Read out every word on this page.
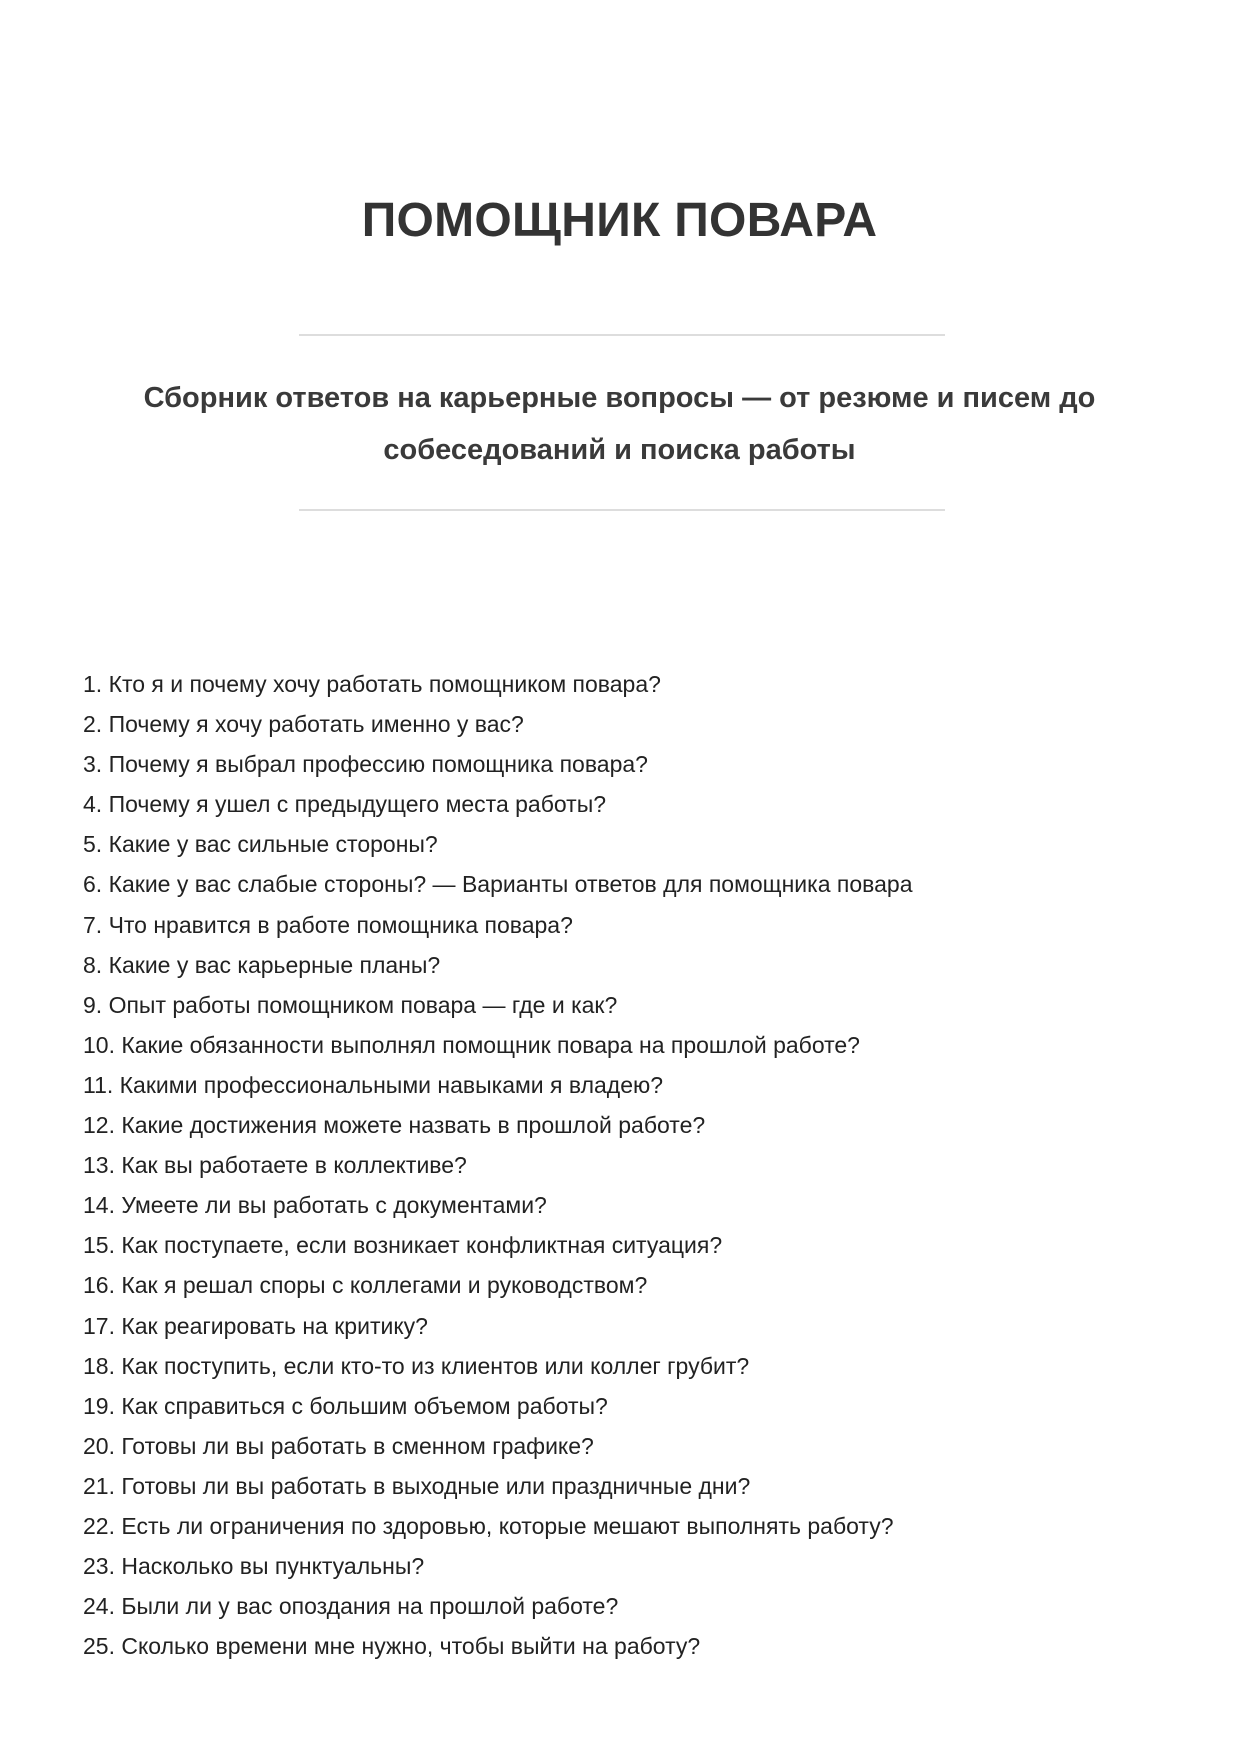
ПОМОЩНИК ПОВАРА

Сборник ответов на карьерные вопросы — от резюме и писем до собеседований и поиска работы

1. Кто я и почему хочу работать помощником повара?
2. Почему я хочу работать именно у вас?
3. Почему я выбрал профессию помощника повара?
4. Почему я ушел с предыдущего места работы?
5. Какие у вас сильные стороны?
6. Какие у вас слабые стороны? — Варианты ответов для помощника повара
7. Что нравится в работе помощника повара?
8. Какие у вас карьерные планы?
9. Опыт работы помощником повара — где и как?
10. Какие обязанности выполнял помощник повара на прошлой работе?
11. Какими профессиональными навыками я владею?
12. Какие достижения можете назвать в прошлой работе?
13. Как вы работаете в коллективе?
14. Умеете ли вы работать с документами?
15. Как поступаете, если возникает конфликтная ситуация?
16. Как я решал споры с коллегами и руководством?
17. Как реагировать на критику?
18. Как поступить, если кто-то из клиентов или коллег грубит?
19. Как справиться с большим объемом работы?
20. Готовы ли вы работать в сменном графике?
21. Готовы ли вы работать в выходные или праздничные дни?
22. Есть ли ограничения по здоровью, которые мешают выполнять работу?
23. Насколько вы пунктуальны?
24. Были ли у вас опоздания на прошлой работе?
25. Сколько времени мне нужно, чтобы выйти на работу?
